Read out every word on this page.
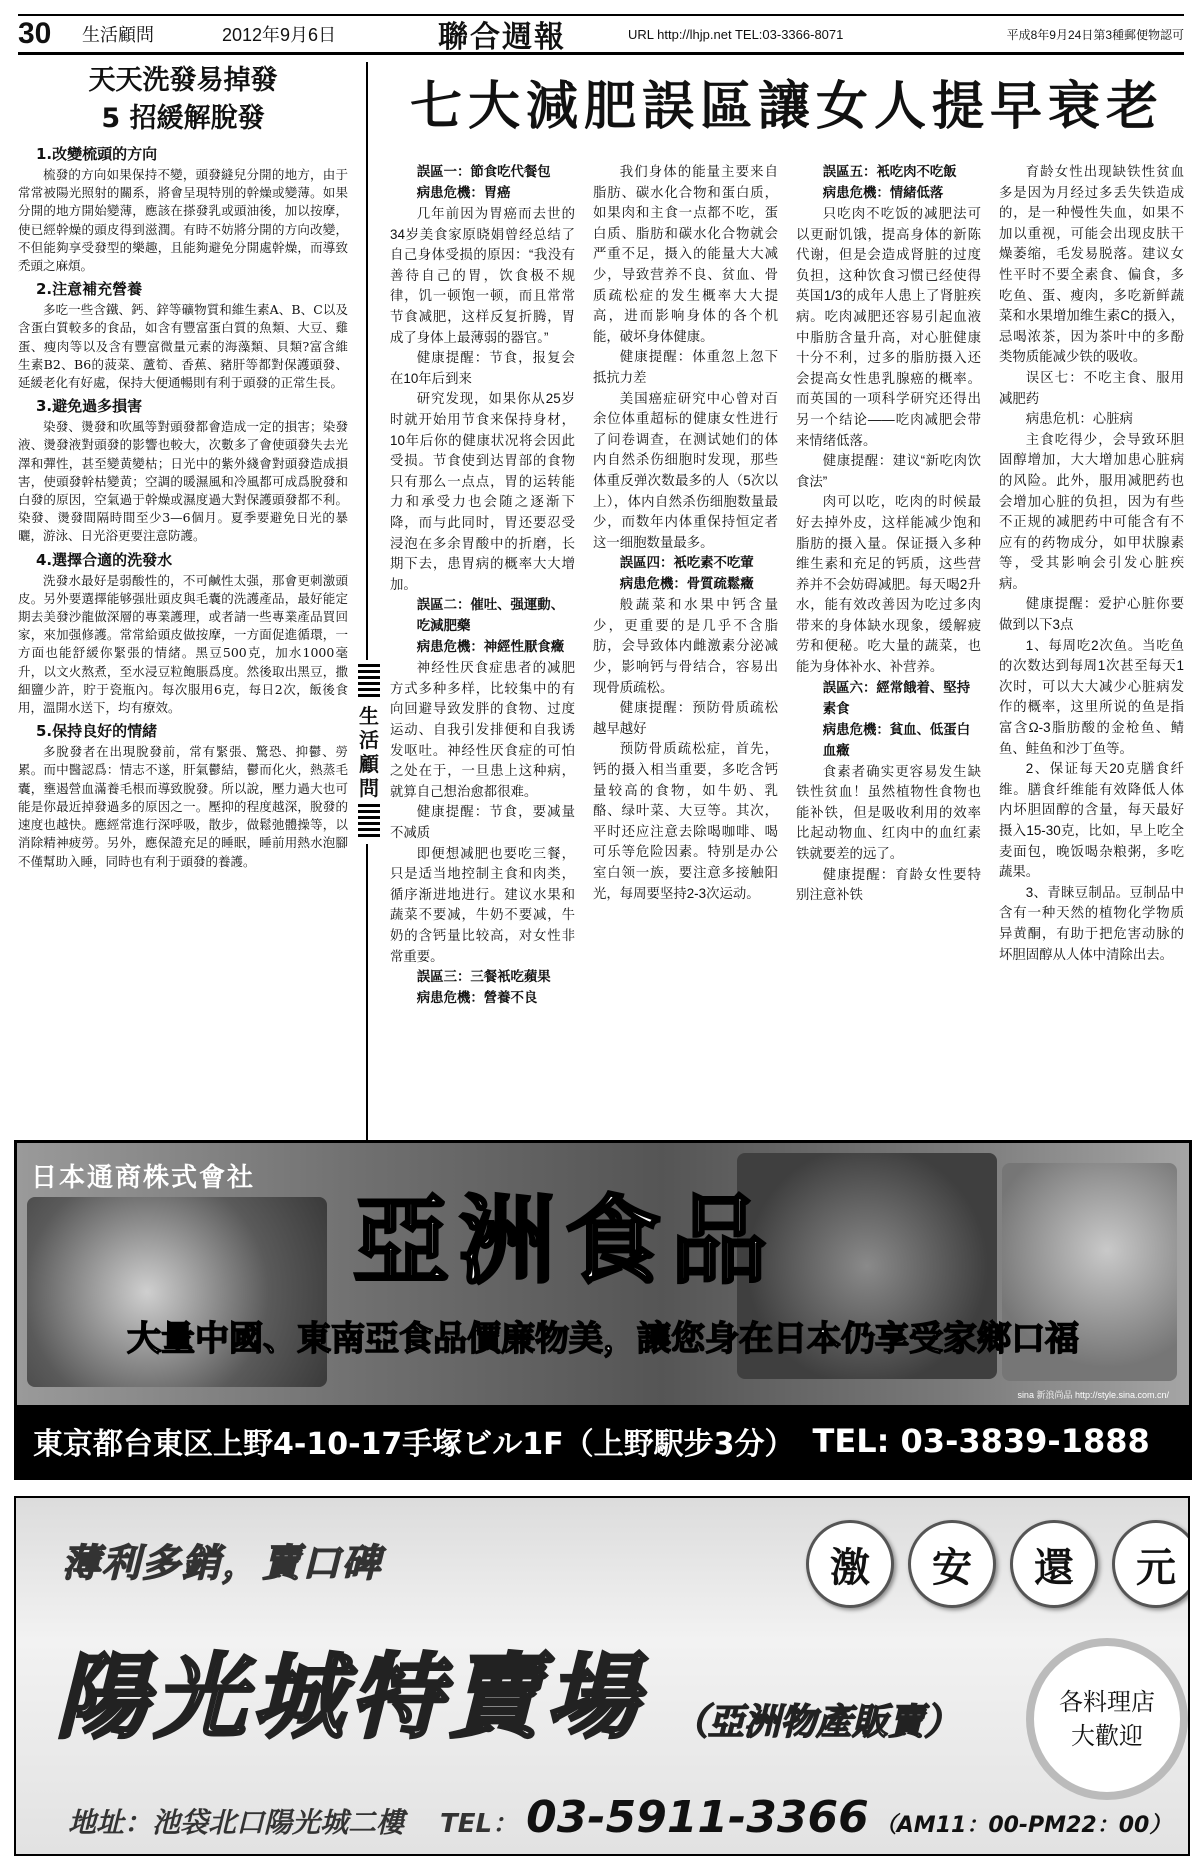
30	生活顧問	2012年9月6日	聯合週報	URL http://lhjp.net TEL:03-3366-8071	平成8年9月24日第3種郵便物認可
天天洗發易掉發
5 招緩解脫發
1.改變梳頭的方向

梳發的方向如果保持不變，頭發縫兒分開的地方，由于常常被陽光照射的關系，將會呈現特別的幹燥或變薄。如果分開的地方開始變薄，應該在搽發乳或頭油後，加以按摩，使已經幹燥的頭皮得到滋潤。有時不妨將分開的方向改變，不但能夠享受發型的樂趣，且能夠避免分開處幹燥，而導致禿頭之麻煩。

2.注意補充營養

多吃一些含鐵、鈣、鋅等礦物質和維生素A、B、C以及含蛋白質較多的食品，如含有豐富蛋白質的魚類、大豆、雞蛋、瘦肉等以及含有豐富微量元素的海藻類、貝類?富含維生素B2、B6的菠菜、蘆筍、香蕉、豬肝等都對保護頭發、延緩老化有好處，保持大便通暢則有利于頭發的正常生長。

3.避免過多損害

染發、燙發和吹風等對頭發都會造成一定的損害；染發液、燙發液對頭發的影響也較大，次數多了會使頭發失去光澤和彈性，甚至變黄變枯；日光中的紫外綫會對頭發造成損害，使頭發幹枯變黄；空調的暖濕風和冷風都可成爲脫發和白發的原因，空氣過于幹燥或濕度過大對保護頭發都不利。染發、燙發間隔時間至少3—6個月。夏季要避免日光的暴曬，游泳、日光浴更要注意防護。

4.選擇合適的洗發水

洗發水最好是弱酸性的，不可鹹性太强，那會更刺激頭皮。另外要選擇能够强壯頭皮與毛囊的洗護產品，最好能定期去美發沙龍做深層的專業護理，或者請一些專業產品買回家，來加强修護。常常給頭皮做按摩，一方面促進循環，一方面也能舒緩你緊張的情緒。黑豆500克，加水1000毫升，以文火熬煮，至水浸豆粒飽脹爲度。然後取出黑豆，撒細鹽少許，貯于瓷瓶內。每次服用6克，每日2次，飯後食用，溫開水送下，均有療效。

5.保持良好的情緒

多脫發者在出現脫發前，常有緊張、驚恐、抑鬱、勞累。而中醫認爲：情志不遂，肝氣鬱結，鬱而化火，熱蒸毛囊，壅遏營血滿養毛根而導致脫發。所以說，壓力過大也可能是你最近掉發過多的原因之一。壓抑的程度越深，脫發的速度也越快。應經常進行深呼吸，散步，做鬆弛體操等，以消除精神疲勞。另外，應保證充足的睡眠，睡前用熱水泡腳不僅幫助入睡，同時也有利于頭發的養護。

生
活
顧
問
七大減肥誤區讓女人提早衰老
誤區一：節食吃代餐包
病患危機：胃癌

几年前因为胃癌而去世的34岁美食家原晓娟曾经总结了自己身体受损的原因：“我没有善待自己的胃，饮食极不规律，饥一顿饱一顿，而且常常节食减肥，这样反复折腾，胃成了身体上最薄弱的器官。”

健康提醒：节食，报复会在10年后到来

研究发现，如果你从25岁时就开始用节食来保持身材，10年后你的健康状况将会因此受损。节食使到达胃部的食物只有那么一点点，胃的运转能力和承受力也会随之逐渐下降，而与此同时，胃还要忍受浸泡在多余胃酸中的折磨，长期下去，患胃病的概率大大增加。

誤區二：催吐、强運動、吃減肥藥
病患危機：神經性厭食癥

神经性厌食症患者的减肥方式多种多样，比较集中的有向回避导致发胖的食物、过度运动、自我引发排便和自我诱发呕吐。神经性厌食症的可怕之处在于，一旦患上这种病，就算自己想治愈都很难。

健康提醒：节食，要减量不减质

即便想减肥也要吃三餐，只是适当地控制主食和肉类，循序渐进地进行。建议水果和蔬菜不要减，牛奶不要减，牛奶的含钙量比较高，对女性非常重要。

誤區三：三餐衹吃蘋果
病患危機：營養不良

我们身体的能量主要来自脂肪、碳水化合物和蛋白质，如果肉和主食一点都不吃，蛋白质、脂肪和碳水化合物就会严重不足，摄入的能量大大减少，导致营养不良、贫血、骨质疏松症的发生概率大大提高，进而影响身体的各个机能，破坏身体健康。

健康提醒：体重忽上忽下抵抗力差

美国癌症研究中心曾对百余位体重超标的健康女性进行了问卷调查，在测试她们的体内自然杀伤细胞时发现，那些体重反弹次数最多的人（5次以上），体内自然杀伤细胞数量最少，而数年内体重保持恒定者这一细胞数量最多。

誤區四：衹吃素不吃葷
病患危機：骨質疏鬆癥

般蔬菜和水果中钙含量少，更重要的是几乎不含脂肪，会导致体内雌激素分泌减少，影响钙与骨结合，容易出现骨质疏松。

健康提醒：预防骨质疏松越早越好

预防骨质疏松症，首先，钙的摄入相当重要，多吃含钙量较高的食物，如牛奶、乳酪、绿叶菜、大豆等。其次，平时还应注意去除喝咖啡、喝可乐等危险因素。特别是办公室白领一族，要注意多接触阳光，每周要坚持2-3次运动。

誤區五：衹吃肉不吃飯
病患危機：情緒低落

只吃肉不吃饭的减肥法可以更耐饥饿，提高身体的新陈代谢，但是会造成肾脏的过度负担，这种饮食习惯已经使得英国1/3的成年人患上了肾脏疾病。吃肉减肥还容易引起血液中脂肪含量升高，对心脏健康十分不利，过多的脂肪摄入还会提高女性患乳腺癌的概率。而英国的一项科学研究还得出另一个结论——吃肉减肥会带来情绪低落。

健康提醒：建议“新吃肉饮食法”

肉可以吃，吃肉的时候最好去掉外皮，这样能减少饱和脂肪的摄入量。保证摄入多种维生素和充足的钙质，这些营养并不会妨碍减肥。每天喝2升水，能有效改善因为吃过多肉带来的身体缺水现象，缓解疲劳和便秘。吃大量的蔬菜，也能为身体补水、补营养。

誤區六：經常餓着、堅持素食
病患危機：貧血、低蛋白血癥

食素者确实更容易发生缺铁性贫血！虽然植物性食物也能补铁，但是吸收利用的效率比起动物血、红肉中的血红素铁就要差的远了。

健康提醒：育龄女性要特别注意补铁

育龄女性出现缺铁性贫血多是因为月经过多丢失铁造成的，是一种慢性失血，如果不加以重视，可能会出现皮肤干燥萎缩，毛发易脱落。建议女性平时不要全素食、偏食，多吃鱼、蛋、瘦肉，多吃新鲜蔬菜和水果增加维生素C的摄入，忌喝浓茶，因为茶叶中的多酚类物质能减少铁的吸收。

误区七：不吃主食、服用减肥药

病患危机：心脏病

主食吃得少，会导致环胆固醇增加，大大增加患心脏病的风险。此外，服用减肥药也会增加心脏的负担，因为有些不正规的减肥药中可能含有不应有的药物成分，如甲状腺素等，受其影响会引发心脏疾病。

健康提醒：爱护心脏你要做到以下3点

1、每周吃2次鱼。当吃鱼的次数达到每周1次甚至每天1次时，可以大大减少心脏病发作的概率，这里所说的鱼是指富含Ω-3脂肪酸的金枪鱼、鲭鱼、鲑鱼和沙丁鱼等。

2、保证每天20克膳食纤维。膳食纤维能有效降低人体内坏胆固醇的含量，每天最好摄入15-30克，比如，早上吃全麦面包，晚饭喝杂粮粥，多吃蔬果。

3、青睐豆制品。豆制品中含有一种天然的植物化学物质异黄酮，有助于把危害动脉的坏胆固醇从人体中清除出去。

日本通商株式會社
亞洲食品
大量中國、東南亞食品價廉物美，讓您身在日本仍享受家鄉口福
sina 新浪尚品 http://style.sina.com.cn/
東京都台東区上野4-10-17手塚ビル1F（上野駅步3分） TEL: 03-3839-1888
薄利多銷，賣口碑	激	安	還	元
陽光城特賣場 （亞洲物產販賣）	各料理店
大歡迎
地址：池袋北口陽光城二樓 TEL： 03-5911-3366 （AM11：00-PM22：00）
